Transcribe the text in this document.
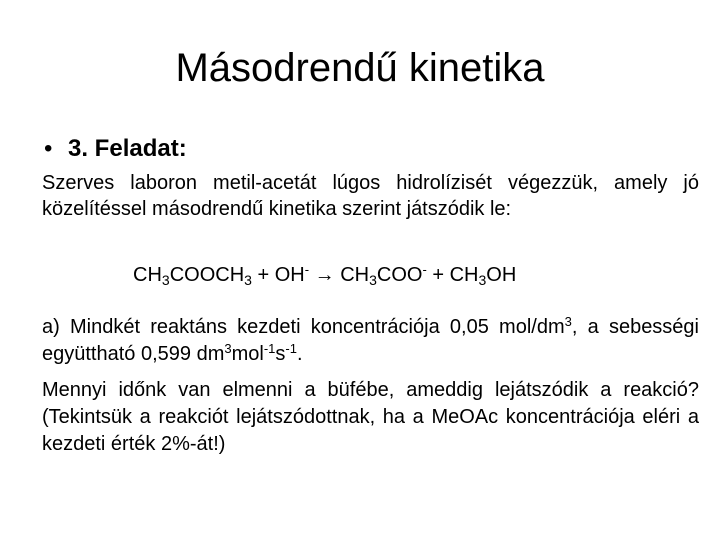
Másodrendű kinetika
• 3. Feladat:
Szerves laboron metil-acetát lúgos hidrolízisét végezzük, amely jó közelítéssel másodrendű kinetika szerint játszódik le:
$CH_3COOCH_3 + OH^- \to CH_3COO^- + CH_3OH$
a) Mindkét reaktáns kezdeti koncentrációja 0,05 mol/$dm^3$, a sebességi együttható 0,599 $dm^3mol^{-1}s^{-1}$.
Mennyi időnk van elmenni a büfébe, ameddig lejátszódik a reakció? (Tekintsük a reakciót lejátszódottnak, ha a MeOAc koncentrációja eléri a kezdeti érték 2%-át!)
